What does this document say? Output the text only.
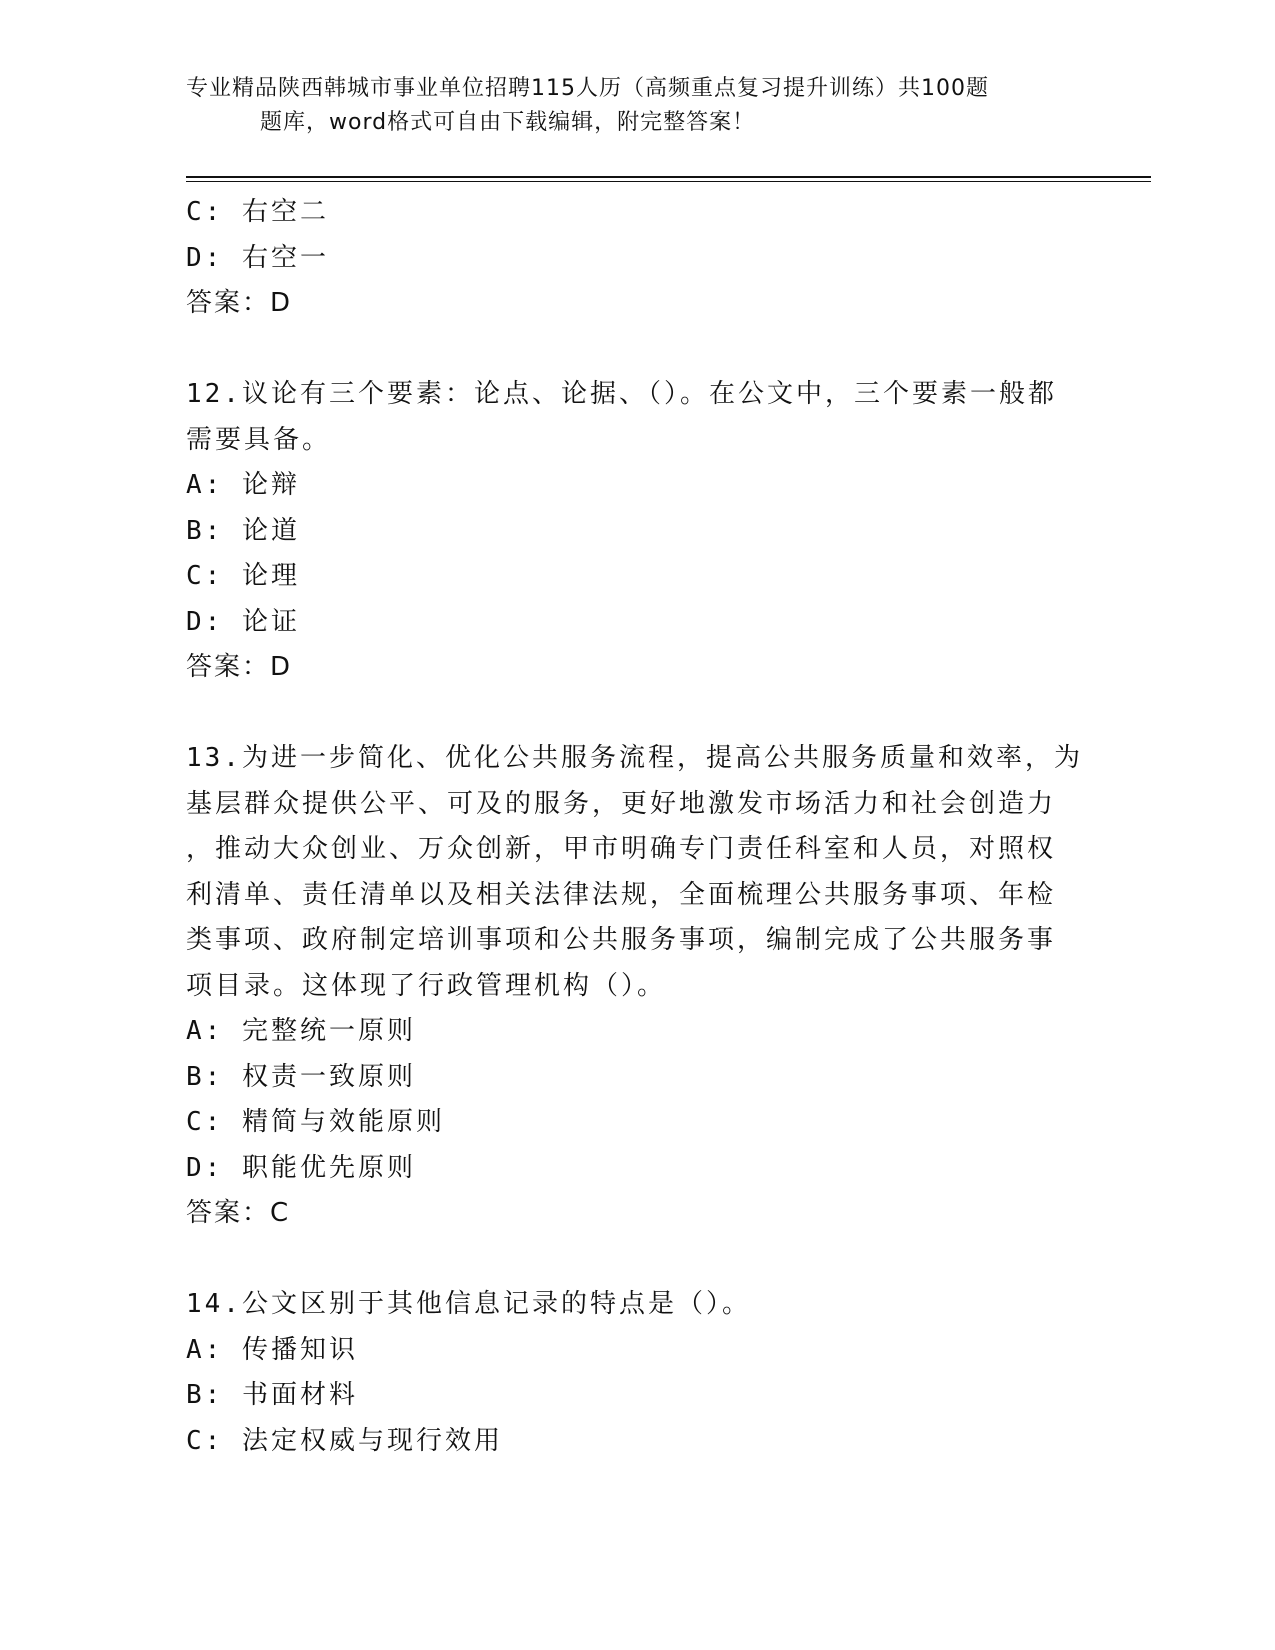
专业精品陕西韩城市事业单位招聘115人历（高频重点复习提升训练）共100题
题库，word格式可自由下载编辑，附完整答案！
C: 右空二
D: 右空一
答案：D
12.议论有三个要素：论点、论据、（）。在公文中，三个要素一般都
需要具备。
A: 论辩
B: 论道
C: 论理
D: 论证
答案：D
13.为进一步简化、优化公共服务流程，提高公共服务质量和效率，为
基层群众提供公平、可及的服务，更好地激发市场活力和社会创造力
，推动大众创业、万众创新，甲市明确专门责任科室和人员，对照权
利清单、责任清单以及相关法律法规，全面梳理公共服务事项、年检
类事项、政府制定培训事项和公共服务事项，编制完成了公共服务事
项目录。这体现了行政管理机构（）。
A: 完整统一原则
B: 权责一致原则
C: 精简与效能原则
D: 职能优先原则
答案：C
14.公文区别于其他信息记录的特点是（）。
A: 传播知识
B: 书面材料
C: 法定权威与现行效用
